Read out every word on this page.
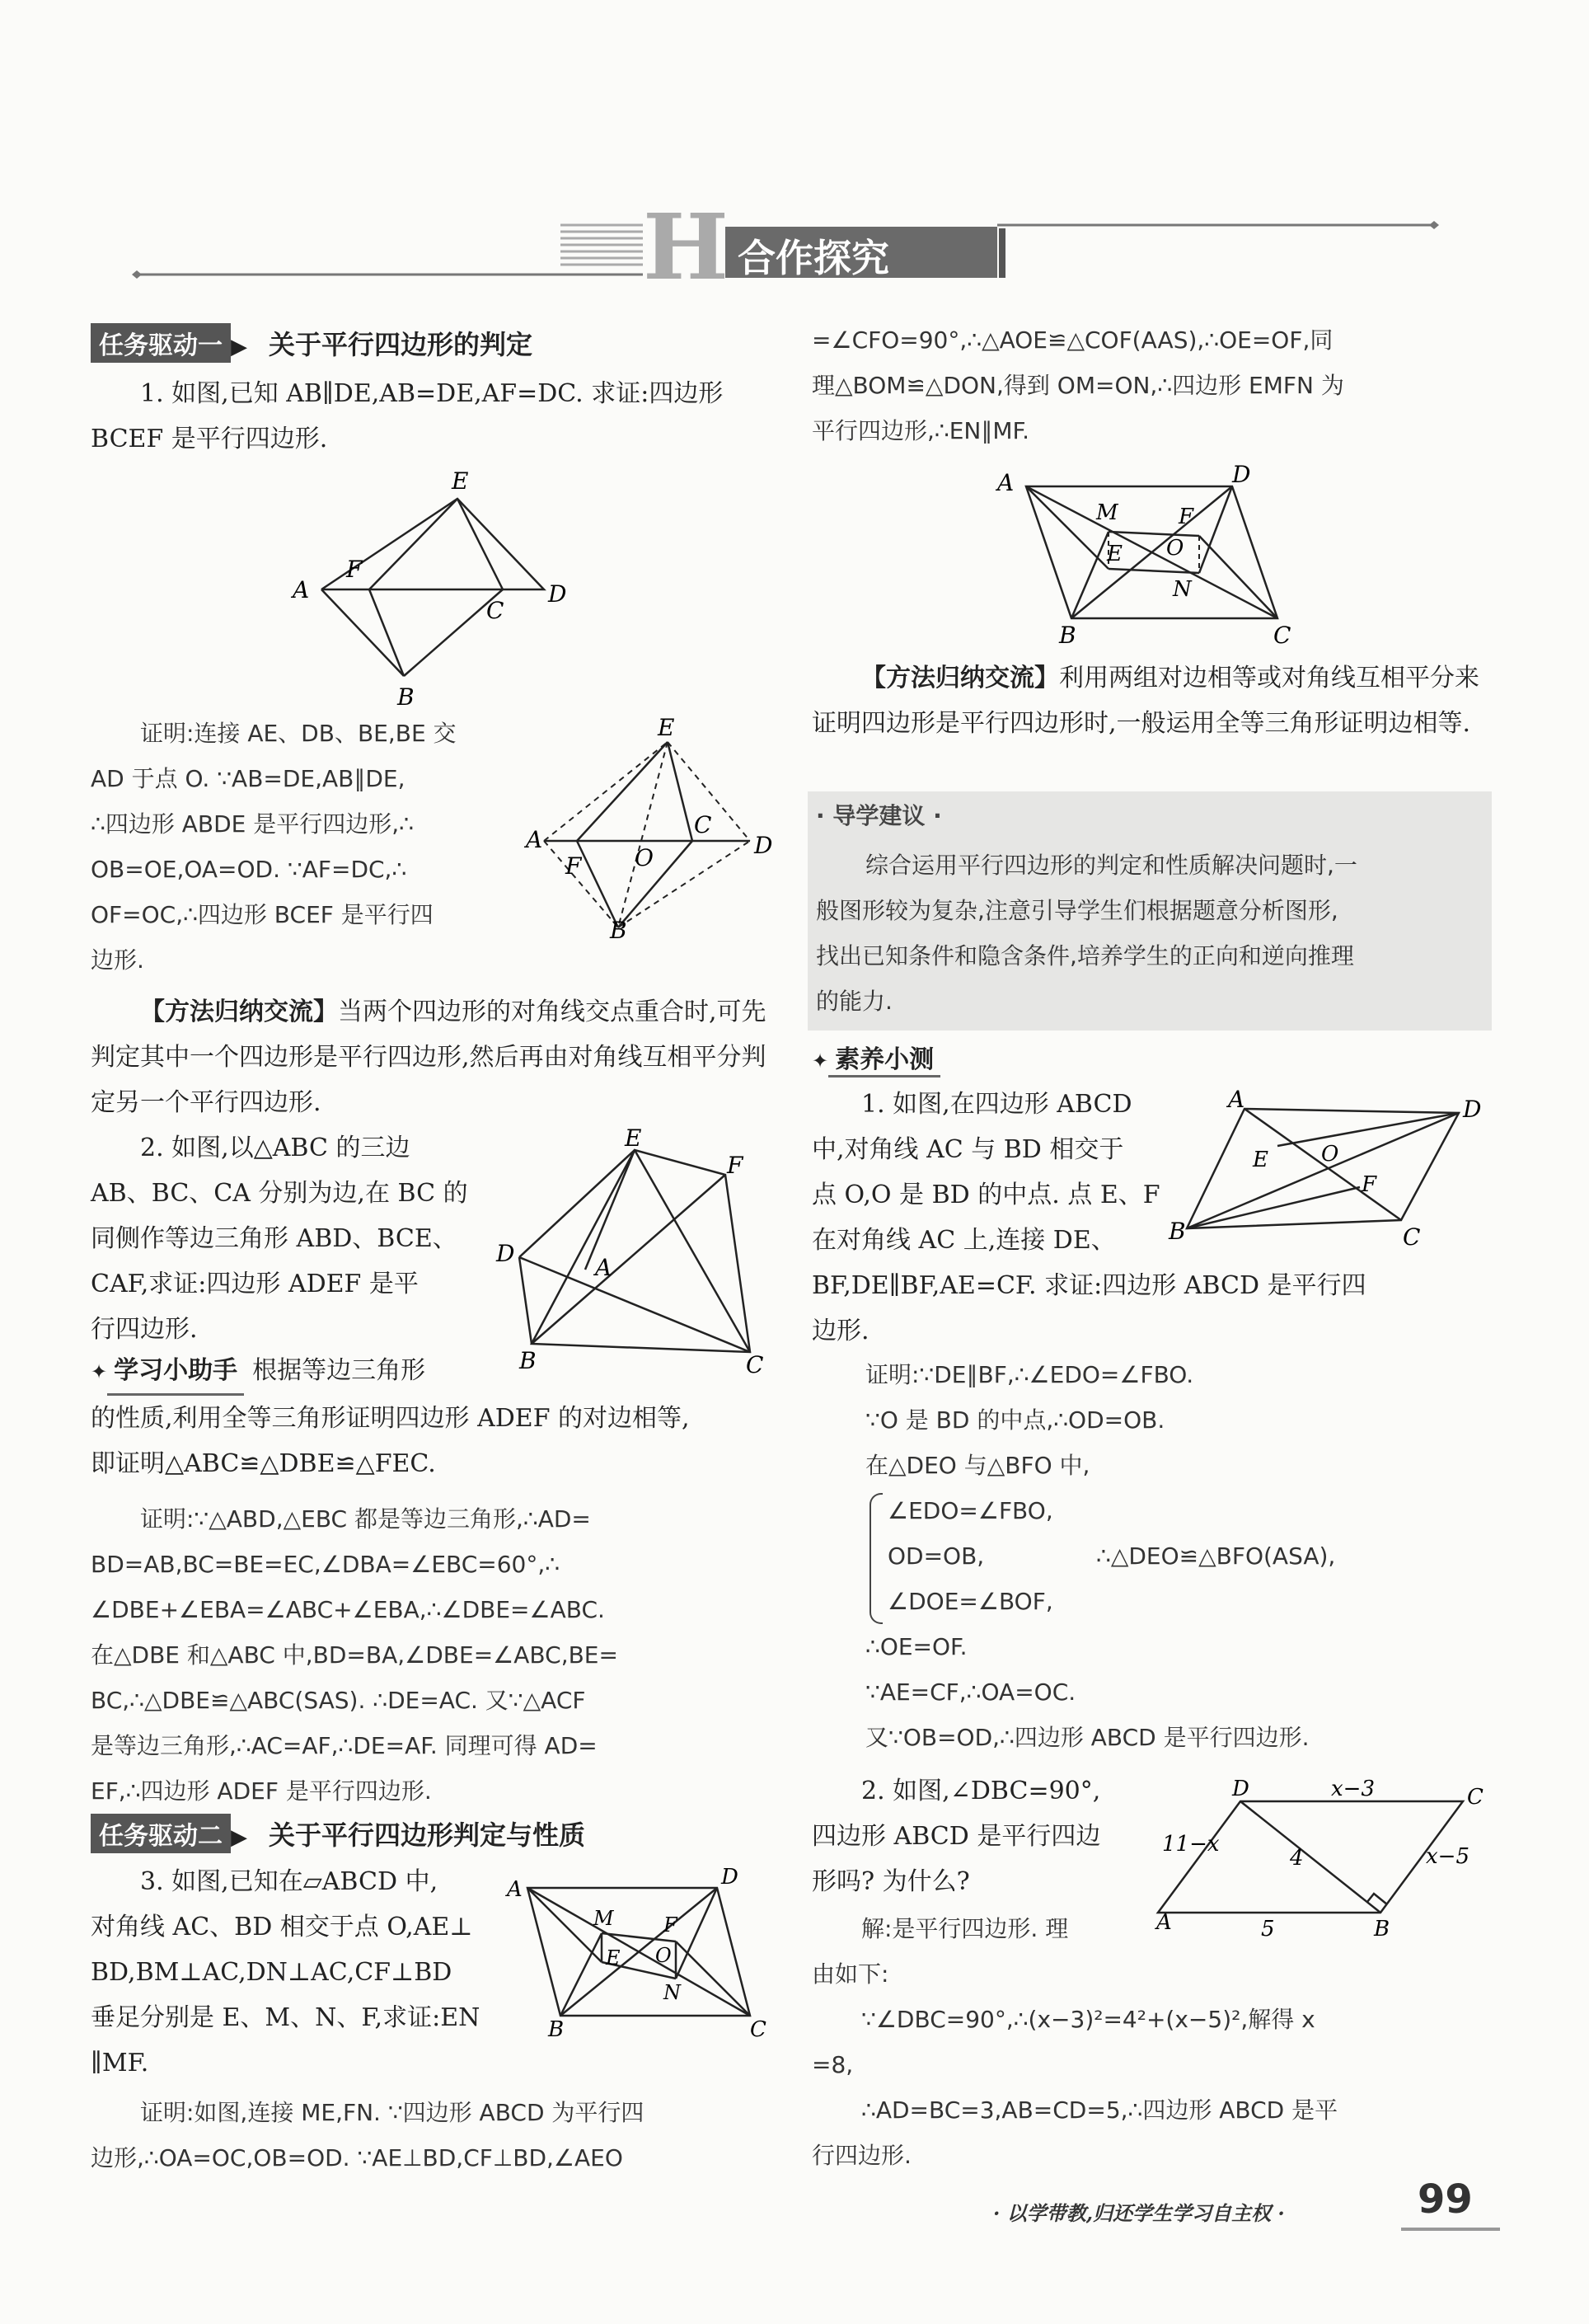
H 合作探究
任务驱动一 ▶ 关于平行四边形的判定

1. 如图,已知 AB∥DE,AB=DE,AF=DC. 求证:四边形 BCEF 是平行四边形.

E
A
F
C
D
B

证明:连接 AE、DB、BE,BE 交

AD 于点 O. ∵AB=DE,AB∥DE,

∴四边形 ABDE 是平行四边形,∴

OB=OE,OA=OD. ∵AF=DC,∴

OF=OC,∴四边形 BCEF 是平行四

边形.

E
A
F O
C
D
B

【方法归纳交流】当两个四边形的对角线交点重合时,可先判定其中一个四边形是平行四边形,然后再由对角线互相平分判定另一个平行四边形.

2. 如图,以△ABC 的三边

AB、BC、CA 分别为边,在 BC 的

同侧作等边三角形 ABD、BCE、

CAF,求证:四边形 ADEF 是平

行四边形.

E
F
D
A
B	C

✦ 学习小助手 根据等边三角形

的性质,利用全等三角形证明四边形 ADEF 的对边相等,

即证明△ABC≌△DBE≌△FEC.

证明:∵△ABD,△EBC 都是等边三角形,∴AD=

BD=AB,BC=BE=EC,∠DBA=∠EBC=60°,∴

∠DBE+∠EBA=∠ABC+∠EBA,∴∠DBE=∠ABC.

在△DBE 和△ABC 中,BD=BA,∠DBE=∠ABC,BE=

BC,∴△DBE≌△ABC(SAS). ∴DE=AC. 又∵△ACF

是等边三角形,∴AC=AF,∴DE=AF. 同理可得 AD=

EF,∴四边形 ADEF 是平行四边形.

任务驱动二 ▶ 关于平行四边形判定与性质

3. 如图,已知在▱ABCD 中,

对角线 AC、BD 相交于点 O,AE⊥

BD,BM⊥AC,DN⊥AC,CF⊥BD

垂足分别是 E、M、N、F,求证:EN

∥MF.

A	D
M	F
E O
N
B	C

证明:如图,连接 ME,FN. ∵四边形 ABCD 为平行四

边形,∴OA=OC,OB=OD. ∵AE⊥BD,CF⊥BD,∠AEO

=∠CFO=90°,∴△AOE≌△COF(AAS),∴OE=OF,同

理△BOM≌△DON,得到 OM=ON,∴四边形 EMFN 为

平行四边形,∴EN∥MF.

A	D
M	F
E O
N
B	C

【方法归纳交流】利用两组对边相等或对角线互相平分来证明四边形是平行四边形时,一般运用全等三角形证明边相等.

· 导学建议 ·

综合运用平行四边形的判定和性质解决问题时,一

般图形较为复杂,注意引导学生们根据题意分析图形,

找出已知条件和隐含条件,培养学生的正向和逆向推理

的能力.

✦ 素养小测

1. 如图,在四边形 ABCD

中,对角线 AC 与 BD 相交于

点 O,O 是 BD 的中点. 点 E、F

在对角线 AC 上,连接 DE、

BF,DE∥BF,AE=CF. 求证:四边形 ABCD 是平行四

边形.

A	D
E O
F
B	C

证明:∵DE∥BF,∴∠EDO=∠FBO.

∵O 是 BD 的中点,∴OD=OB.

在△DEO 与△BFO 中,

∠EDO=∠FBO,

OD=OB,

∠DOE=∠BOF,

∴△DEO≌△BFO(ASA),

∴OE=OF.

∵AE=CF,∴OA=OC.

又∵OB=OD,∴四边形 ABCD 是平行四边形.

2. 如图,∠DBC=90°,

四边形 ABCD 是平行四边

形吗? 为什么?

D	x−3	C
11−x
4	x−5
A	5	B

解:是平行四边形. 理

由如下:

∵∠DBC=90°,∴(x−3)²=4²+(x−5)²,解得 x

=8,

∴AD=BC=3,AB=CD=5,∴四边形 ABCD 是平

行四边形.

· 以学带教,归还学生学习自主权 ·	99
